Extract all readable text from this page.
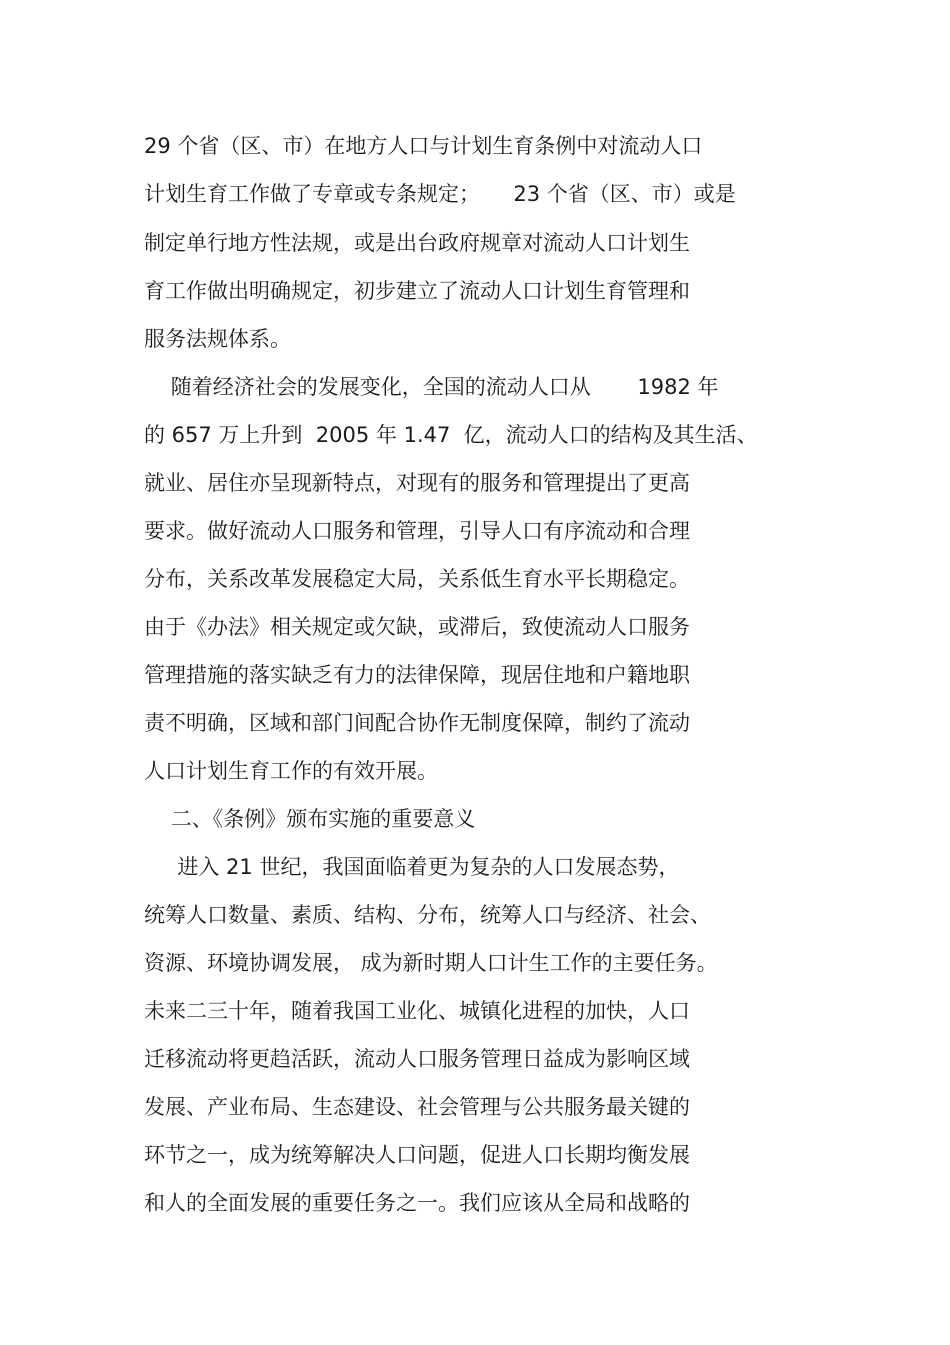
29 个省（区、市）在地方人口与计划生育条例中对流动人口
计划生育工作做了专章或专条规定；     23 个省（区、市）或是
制定单行地方性法规，或是出台政府规章对流动人口计划生
育工作做出明确规定，初步建立了流动人口计划生育管理和
服务法规体系。
随着经济社会的发展变化，全国的流动人口从       1982 年
的 657 万上升到  2005 年 1.47  亿，流动人口的结构及其生活、
就业、居住亦呈现新特点，对现有的服务和管理提出了更高
要求。做好流动人口服务和管理，引导人口有序流动和合理
分布，关系改革发展稳定大局，关系低生育水平长期稳定。
由于《办法》相关规定或欠缺，或滞后，致使流动人口服务
管理措施的落实缺乏有力的法律保障，现居住地和户籍地职
责不明确，区域和部门间配合协作无制度保障，制约了流动
人口计划生育工作的有效开展。
二、《条例》颁布实施的重要意义
进入 21 世纪，我国面临着更为复杂的人口发展态势，
统筹人口数量、素质、结构、分布，统筹人口与经济、社会、
资源、环境协调发展， 成为新时期人口计生工作的主要任务。
未来二三十年，随着我国工业化、城镇化进程的加快，人口
迁移流动将更趋活跃，流动人口服务管理日益成为影响区域
发展、产业布局、生态建设、社会管理与公共服务最关键的
环节之一，成为统筹解决人口问题，促进人口长期均衡发展
和人的全面发展的重要任务之一。我们应该从全局和战略的
